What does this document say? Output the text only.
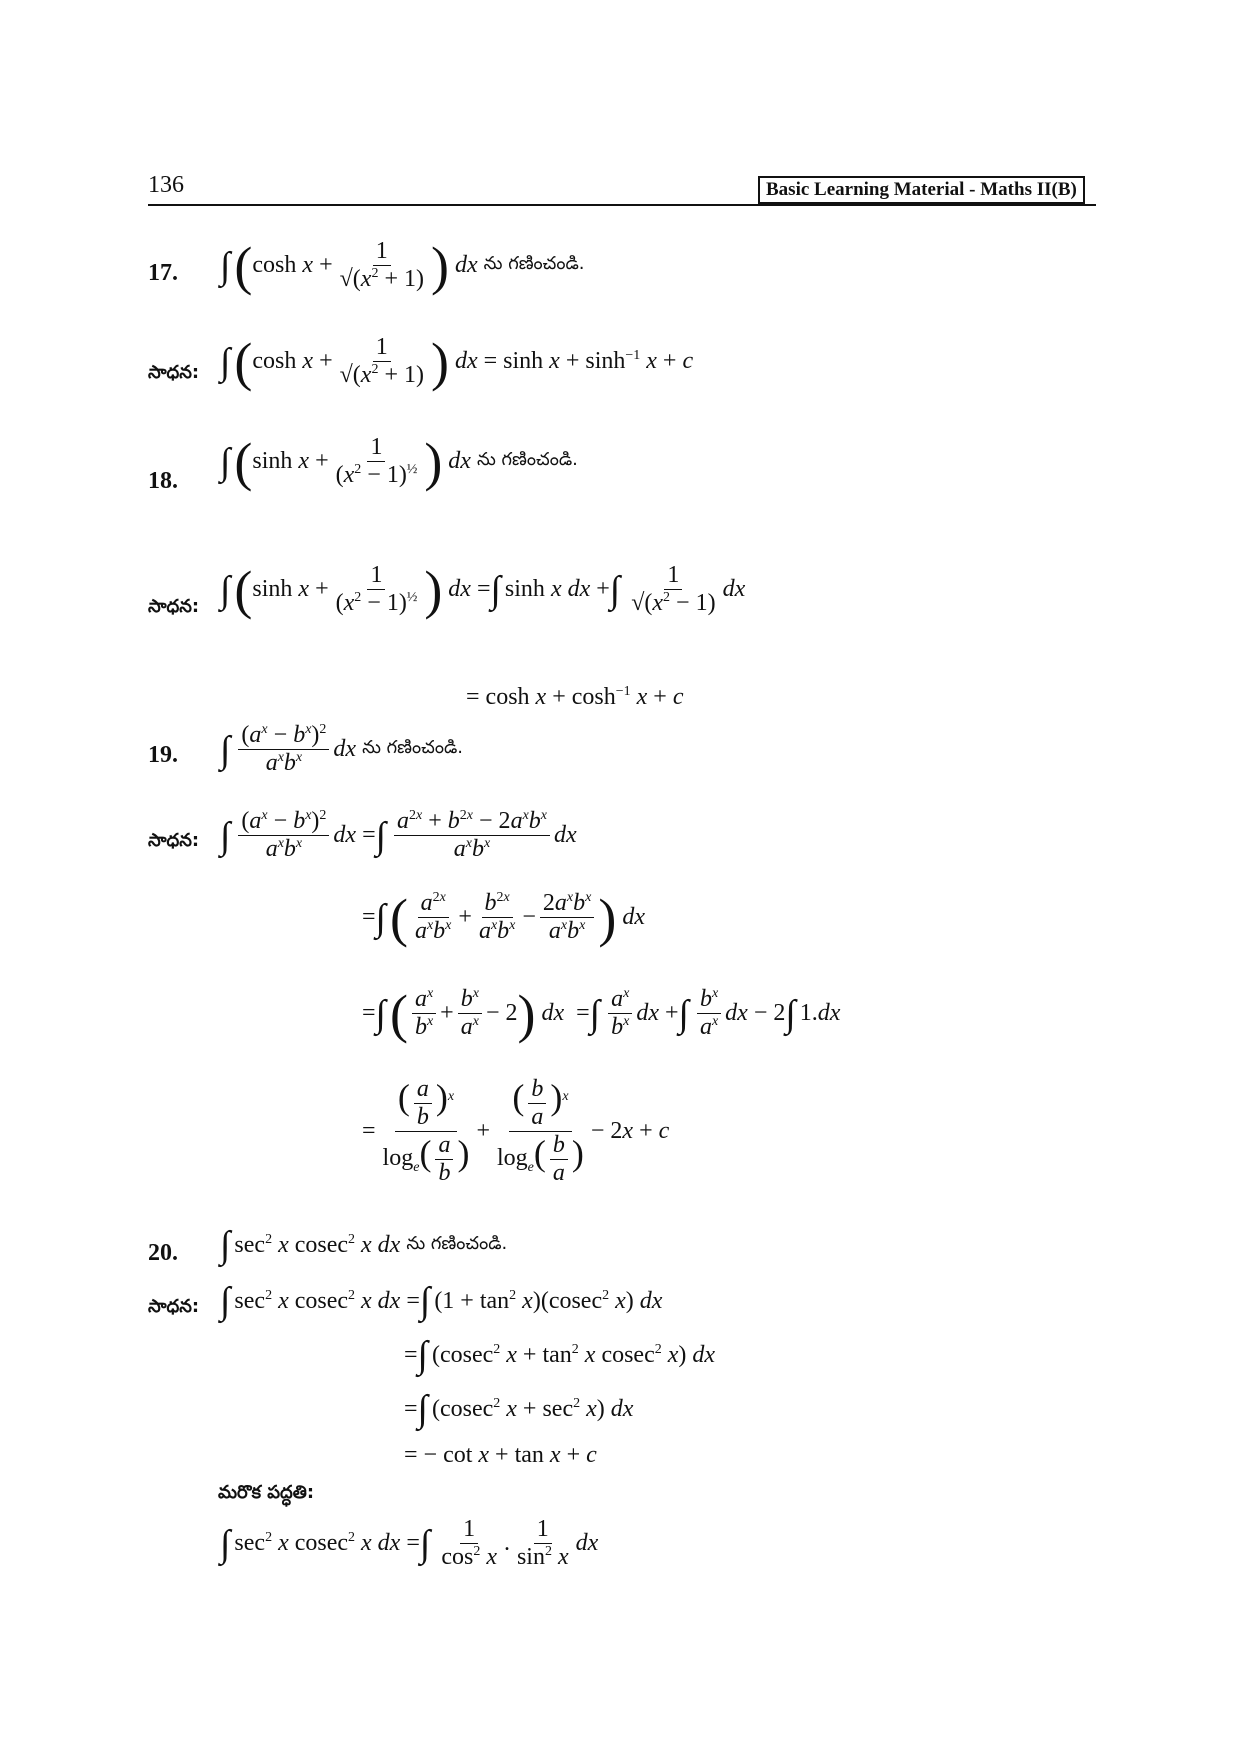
136	Basic Learning Material - Maths II(B)
17. ∫ ( $\cosh x + \frac{1}{√(x^2 + 1)}$ ) dx
ను గణించండి.
సాధన: ∫ ( $\cosh x + \frac{1}{√(x^2 + 1)}$ ) dx = $\sinh x + \sinh^{-1} x + c$
18. ∫ ( $\sinh x + \frac{1}{(x^2 - 1)^{\frac{1}{2}}}$ ) dx
ను గణించండి.
సాధన: ∫ ( $\sinh x + \frac{1}{(x^2 - 1)^{\frac{1}{2}}}$ ) dx = ∫ sinh x dx + ∫ 1
$√(x^2 - 1)$
dx
= $\cosh x + \cosh^{-1} x + c$
19. ∫ $(a^x - b^x)^2$
$a^xb^x$ dx
ను గణించండి.
సాధన: ∫ $(a^x - b^x)^2$
$a^xb^x$ dx = ∫ $a^{2x} + b^{2x} - 2a^xb^x$
$a^xb^x$	dx
= ∫ ( $a^{2x}$
$a^xb^x$ +
$b^{2x}$
$a^xb^x$ −
$2a^xb^x$
$a^xb^x$ ) dx
= ∫ ( $a^x$
$b^x + \frac{b^x}{a^x} - 2$ ) dx = ∫ $a^x$
$b^x$ dx + ∫ $b^x$
$a^x$ dx − 2 ∫ 1.dx
= $\frac{( \frac{a}{b} )^x}{\log_e( \frac{a}{b} )} + \frac{( \frac{b}{a} )^x}{\log_e( \frac{b}{a} )} - 2x + c$
20. ∫ $\sec^2 x$ cosec$^2$ x dx
ను గణించండి.
సాధన: ∫ $\sec^2 x$ cosec$^2$ x dx = ∫ $(1 + \tan^2 x)(cosec^2$ x) dx
= ∫ (cosec$^2$ $x + \tan^2 x$ cosec$^2$ x) dx
= ∫ (cosec$^2$ $x + \sec^2 x$) dx
= − cot x + tan x + c
మరొక పద్ధతి:
∫ $\sec^2 x$ cosec$^2$ x dx = ∫ 1
$\cos^2 x$
.
1
$\sin^2 x$
dx
